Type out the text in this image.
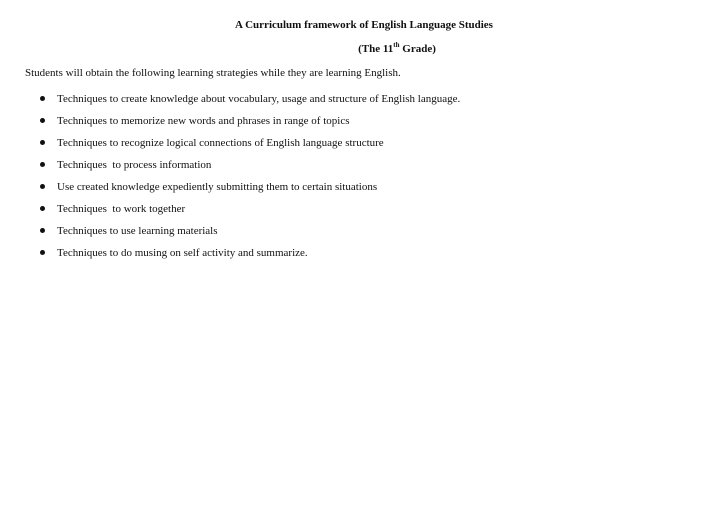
A Curriculum framework of English Language Studies
(The 11th Grade)
Students will obtain the following learning strategies while they are learning English.

Techniques to create knowledge about vocabulary, usage and structure of English language.

Techniques to memorize new words and phrases in range of topics

Techniques to recognize logical connections of English language structure

Techniques  to process information

Use created knowledge expediently submitting them to certain situations

Techniques  to work together

Techniques to use learning materials

Techniques to do musing on self activity and summarize.
